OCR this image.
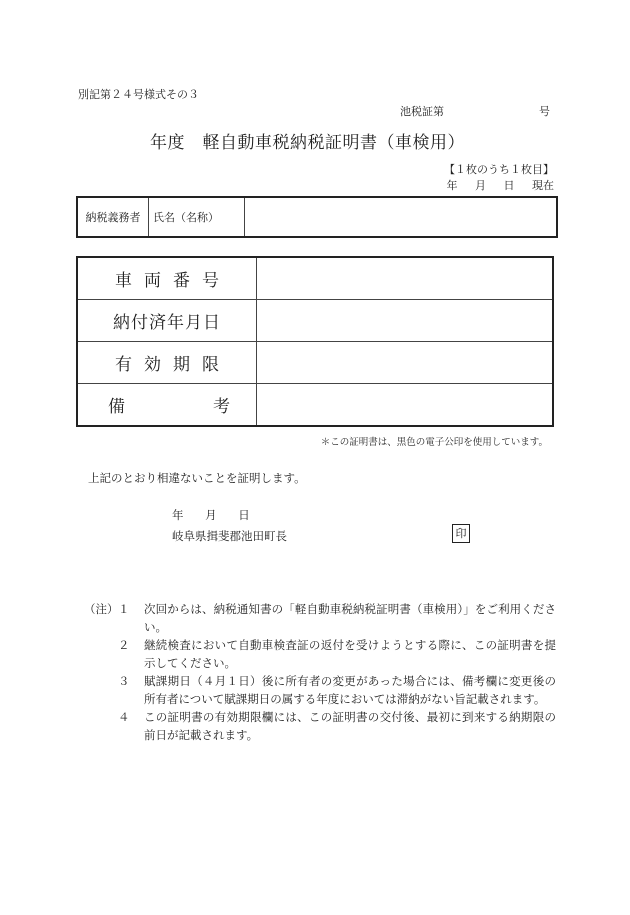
別記第２４号様式その３
池税証第	号
年度　軽自動車税納税証明書（車検用）
【１枚のうち１枚目】
年 月 日 現在
納税義務者	氏名（名称）
車両番号	
納付済年月日	
有効期限	

備 考	

＊この証明書は、黒色の電子公印を使用しています。
上記のとおり相違ないことを証明します。
年 月 日
岐阜県揖斐郡池田町長	印
（注） １	次回からは、納税通知書の「軽自動車税納税証明書（車検用）」をご利用ください。
２	継続検査において自動車検査証の返付を受けようとする際に、この証明書を提示してください。
３	賦課期日（４月１日）後に所有者の変更があった場合には、備考欄に変更後の所有者について賦課期日の属する年度においては滞納がない旨記載されます。
４	この証明書の有効期限欄には、この証明書の交付後、最初に到来する納期限の前日が記載されます。
